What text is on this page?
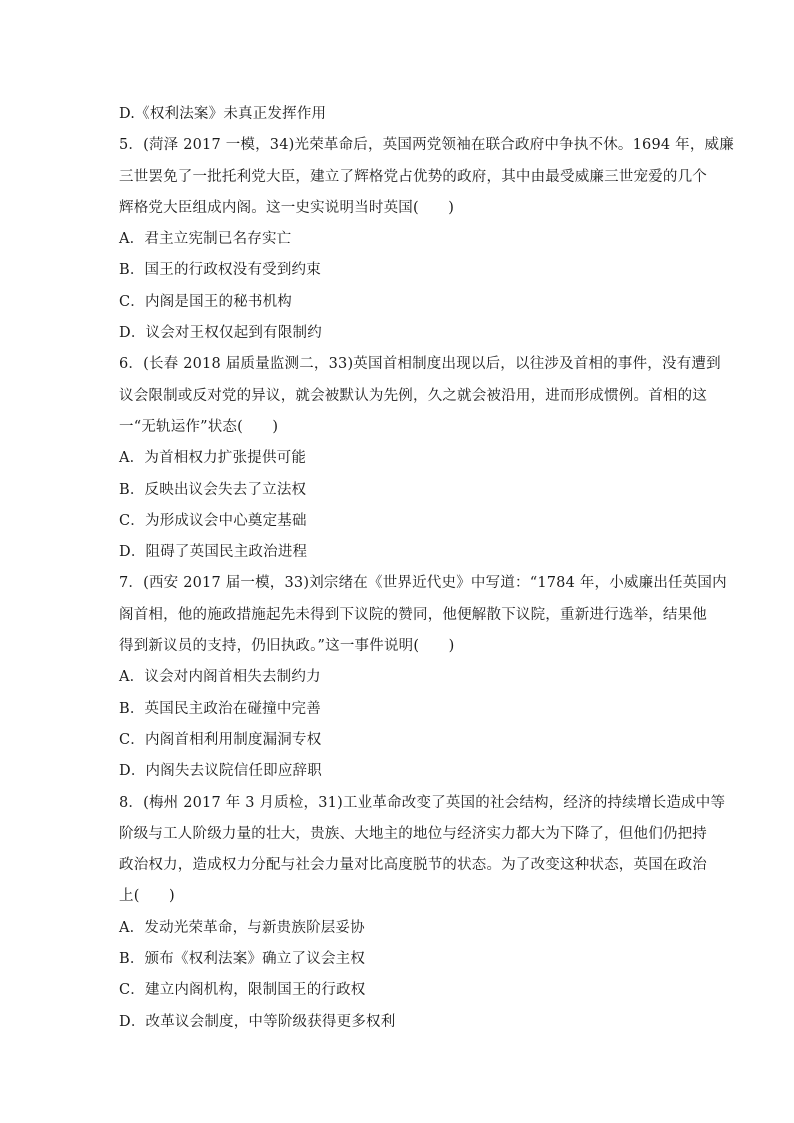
D.《权利法案》未真正发挥作用
5．(菏泽 2017 一模，34)光荣革命后，英国两党领袖在联合政府中争执不休。1694 年，威廉
三世罢免了一批托利党大臣，建立了辉格党占优势的政府，其中由最受威廉三世宠爱的几个
辉格党大臣组成内阁。这一史实说明当时英国(　　)
A．君主立宪制已名存实亡
B．国王的行政权没有受到约束
C．内阁是国王的秘书机构
D．议会对王权仅起到有限制约
6．(长春 2018 届质量监测二，33)英国首相制度出现以后，以往涉及首相的事件，没有遭到
议会限制或反对党的异议，就会被默认为先例，久之就会被沿用，进而形成惯例。首相的这
一“无轨运作”状态(　　)
A．为首相权力扩张提供可能
B．反映出议会失去了立法权
C．为形成议会中心奠定基础
D．阻碍了英国民主政治进程
7．(西安 2017 届一模，33)刘宗绪在《世界近代史》中写道：“1784 年，小威廉出任英国内
阁首相，他的施政措施起先未得到下议院的赞同，他便解散下议院，重新进行选举，结果他
得到新议员的支持，仍旧执政。”这一事件说明(　　)
A．议会对内阁首相失去制约力
B．英国民主政治在碰撞中完善
C．内阁首相利用制度漏洞专权
D．内阁失去议院信任即应辞职
8．(梅州 2017 年 3 月质检，31)工业革命改变了英国的社会结构，经济的持续增长造成中等
阶级与工人阶级力量的壮大，贵族、大地主的地位与经济实力都大为下降了，但他们仍把持
政治权力，造成权力分配与社会力量对比高度脱节的状态。为了改变这种状态，英国在政治
上(　　)
A．发动光荣革命，与新贵族阶层妥协
B．颁布《权利法案》确立了议会主权
C．建立内阁机构，限制国王的行政权
D．改革议会制度，中等阶级获得更多权利
